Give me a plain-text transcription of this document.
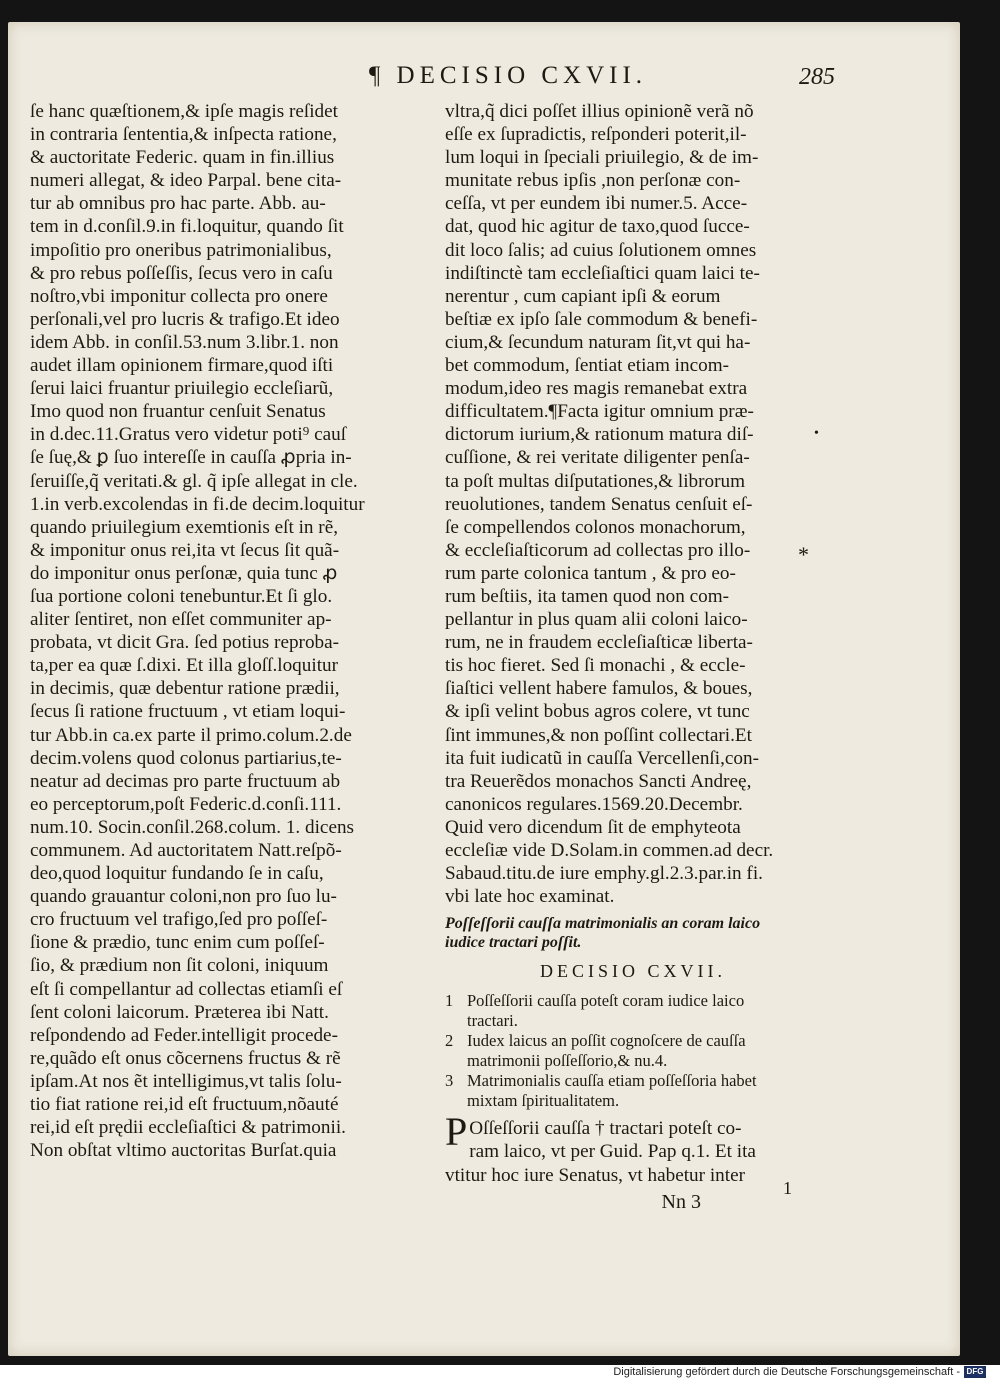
¶ DECISIO CXVII.	285
ſe hanc quæſtionem,& ipſe magis reſidet
in contraria ſententia,& inſpecta ratione,
& auctoritate Federic. quam in fin.illius
numeri allegat, & ideo Parpal. bene cita-
tur ab omnibus pro hac parte. Abb. au-
tem in d.conſil.9.in fi.loquitur, quando ſit
impoſitio pro oneribus patrimonialibus,
& pro rebus poſſeſſis, ſecus vero in caſu
noſtro,vbi imponitur collecta pro onere
perſonali,vel pro lucris & trafigo.Et ideo
idem Abb. in conſil.53.num 3.libr.1. non
audet illam opinionem firmare,quod iſti
ſerui laici fruantur priuilegio eccleſiarũ,
Imo quod non fruantur cenſuit Senatus
in d.dec.11.Gratus vero videtur poti⁹ cauſ
ſe ſuę,& ꝑ ſuo intereſſe in cauſſa ꝓpria in-
ſeruiſſe,q̃ veritati.& gl. q̃ ipſe allegat in cle.
1.in verb.excolendas in fi.de decim.loquitur
quando priuilegium exemtionis eſt in rẽ,
& imponitur onus rei,ita vt ſecus ſit quã-
do imponitur onus perſonæ, quia tunc ꝓ
ſua portione coloni tenebuntur.Et ſi glo.
aliter ſentiret, non eſſet communiter ap-
probata, vt dicit Gra. ſed potius reproba-
ta,per ea quæ ſ.dixi. Et illa gloſſ.loquitur
in decimis, quæ debentur ratione prædii,
ſecus ſi ratione fructuum , vt etiam loqui-
tur Abb.in ca.ex parte il primo.colum.2.de
decim.volens quod colonus partiarius,te-
neatur ad decimas pro parte fructuum ab
eo perceptorum,poſt Federic.d.conſi.111.
num.10. Socin.conſil.268.colum. 1. dicens
communem. Ad auctoritatem Natt.reſpõ-
deo,quod loquitur fundando ſe in caſu,
quando grauantur coloni,non pro ſuo lu-
cro fructuum vel trafigo,ſed pro poſſeſ-
ſione & prædio, tunc enim cum poſſeſ-
ſio, & prædium non ſit coloni, iniquum
eſt ſi compellantur ad collectas etiamſi eſ
ſent coloni laicorum. Præterea ibi Natt.
reſpondendo ad Feder.intelligit procede-
re,quãdo eſt onus cõcernens fructus & rẽ
ipſam.At nos ẽt intelligimus,vt talis ſolu-
tio fiat ratione rei,id eſt fructuum,nõauté
rei,id eſt prędii eccleſiaſtici & patrimonii.
Non obſtat vltimo auctoritas Burſat.quia
vltra,q̃ dici poſſet illius opinionẽ verã nõ
eſſe ex ſupradictis, reſponderi poterit,il-
lum loqui in ſpeciali priuilegio, & de im-
munitate rebus ipſis ,non perſonæ con-
ceſſa, vt per eundem ibi numer.5. Acce-
dat, quod hic agitur de taxo,quod ſucce-
dit loco ſalis; ad cuius ſolutionem omnes
indiſtinctè tam eccleſiaſtici quam laici te-
nerentur , cum capiant ipſi & eorum
beſtiæ ex ipſo ſale commodum & benefi-
cium,& ſecundum naturam ſit,vt qui ha-
bet commodum, ſentiat etiam incom-
modum,ideo res magis remanebat extra
difficultatem.¶Facta igitur omnium præ-
dictorum iurium,& rationum matura diſ-
cuſſione, & rei veritate diligenter penſa-
ta poſt multas diſputationes,& librorum
reuolutiones, tandem Senatus cenſuit eſ-
ſe compellendos colonos monachorum,
& eccleſiaſticorum ad collectas pro illo-
rum parte colonica tantum , & pro eo-
rum beſtiis, ita tamen quod non com-
pellantur in plus quam alii coloni laico-
rum, ne in fraudem eccleſiaſticæ liberta-
tis hoc fieret. Sed ſi monachi , & eccle-
ſiaſtici vellent habere famulos, & boues,
& ipſi velint bobus agros colere, vt tunc
ſint immunes,& non poſſint collectari.Et
ita fuit iudicatũ in cauſſa Vercellenſi,con-
tra Reuerẽdos monachos Sancti Andreę,
canonicos regulares.1569.20.Decembr.
Quid vero dicendum ſit de emphyteota
eccleſiæ vide D.Solam.in commen.ad decr.
Sabaud.titu.de iure emphy.gl.2.3.par.in fi.
vbi late hoc examinat.
Poſſeſſorii cauſſa matrimonialis an coram laico
iudice tractari poſſit.
DECISIO CXVII.
1 Poſſeſſorii cauſſa poteſt coram iudice laico
tractari.
2 Iudex laicus an poſſit cognoſcere de cauſſa
matrimonii poſſeſſorio,& nu.4.
3 Matrimonialis cauſſa etiam poſſeſſoria habet
mixtam ſpiritualitatem.
P Oſſeſſorii cauſſa † tractari poteſt co-
ram laico, vt per Guid. Pap q.1. Et ita
vtitur hoc iure Senatus, vt habetur inter
Nn 3
*
•
1
Digitalisierung gefördert durch die Deutsche Forschungsgemeinschaft - DFG
